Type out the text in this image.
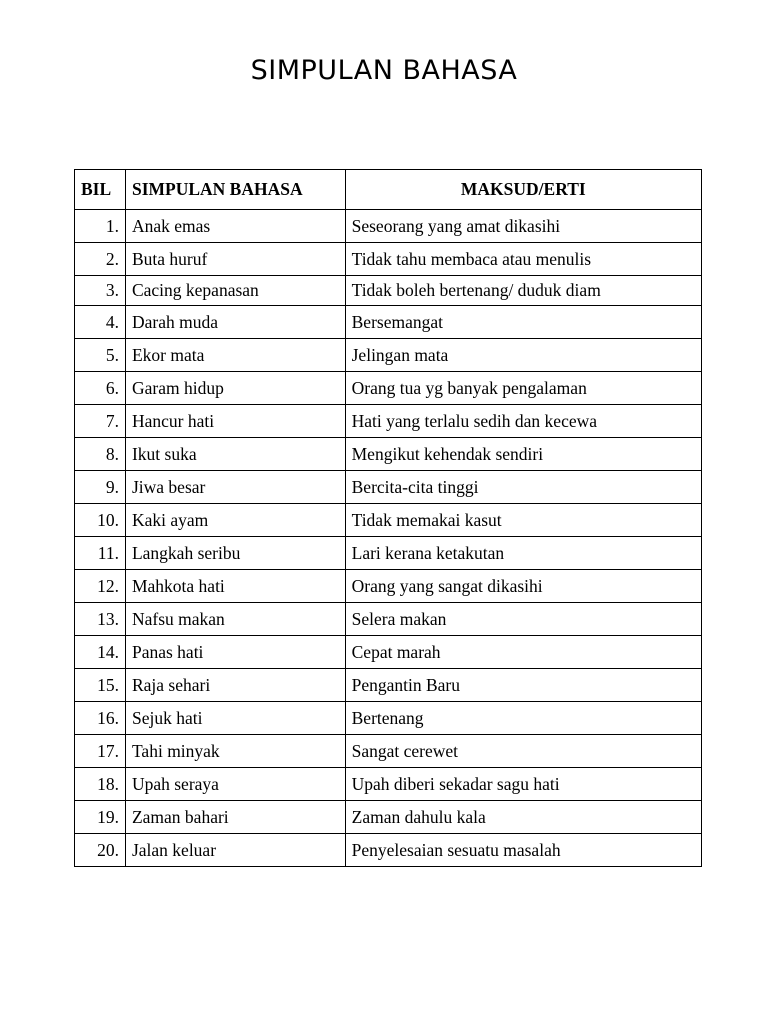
SIMPULAN BAHASA
BIL	SIMPULAN BAHASA	MAKSUD/ERTI
1.	Anak emas	Seseorang yang amat dikasihi
2.	Buta huruf	Tidak tahu membaca atau menulis
3.	Cacing kepanasan	Tidak boleh bertenang/ duduk diam
4.	Darah muda	Bersemangat
5.	Ekor mata	Jelingan mata
6.	Garam hidup	Orang tua yg banyak pengalaman
7.	Hancur hati	Hati yang terlalu sedih dan kecewa
8.	Ikut suka	Mengikut kehendak sendiri
9.	Jiwa besar	Bercita-cita tinggi
10.	Kaki ayam	Tidak memakai kasut
11.	Langkah seribu	Lari kerana ketakutan
12.	Mahkota hati	Orang yang sangat dikasihi
13.	Nafsu makan	Selera makan
14.	Panas hati	Cepat marah
15.	Raja sehari	Pengantin Baru
16.	Sejuk hati	Bertenang
17.	Tahi minyak	Sangat cerewet
18.	Upah seraya	Upah diberi sekadar sagu hati
19.	Zaman bahari	Zaman dahulu kala
20.	Jalan keluar	Penyelesaian sesuatu masalah
